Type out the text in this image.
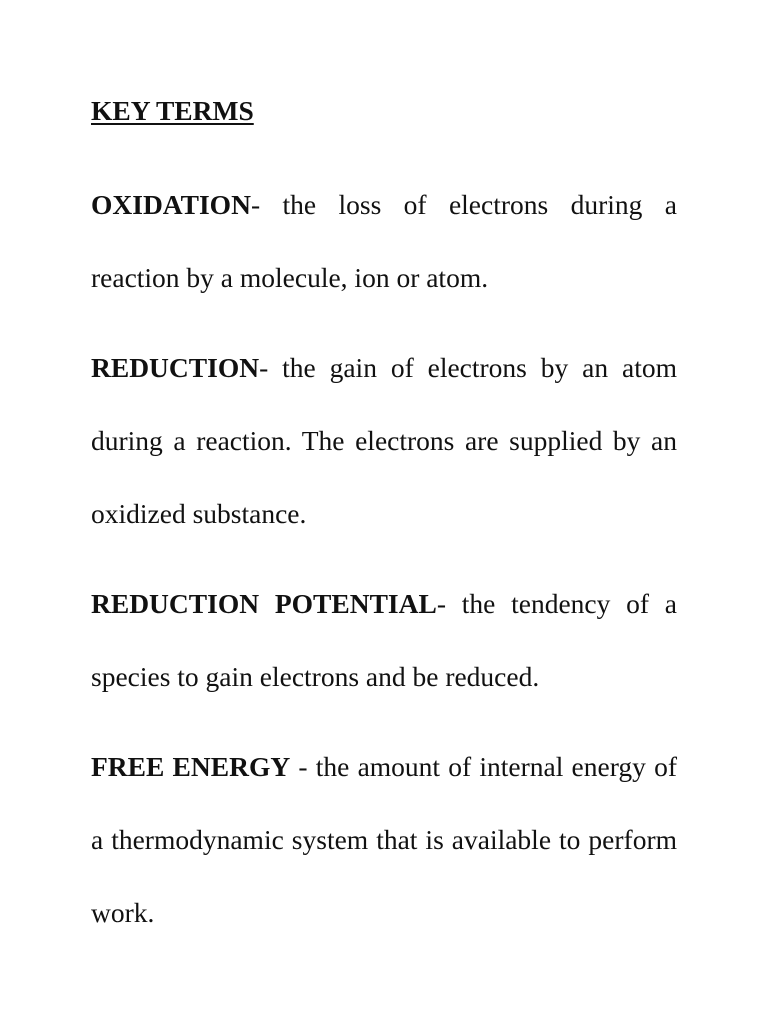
KEY TERMS

OXIDATION- the loss of electrons during a reaction by a molecule, ion or atom.

REDUCTION- the gain of electrons by an atom during a reaction. The electrons are supplied by an oxidized substance.

REDUCTION POTENTIAL- the tendency of a species to gain electrons and be reduced.

FREE ENERGY - the amount of internal energy of a thermodynamic system that is available to perform work.
